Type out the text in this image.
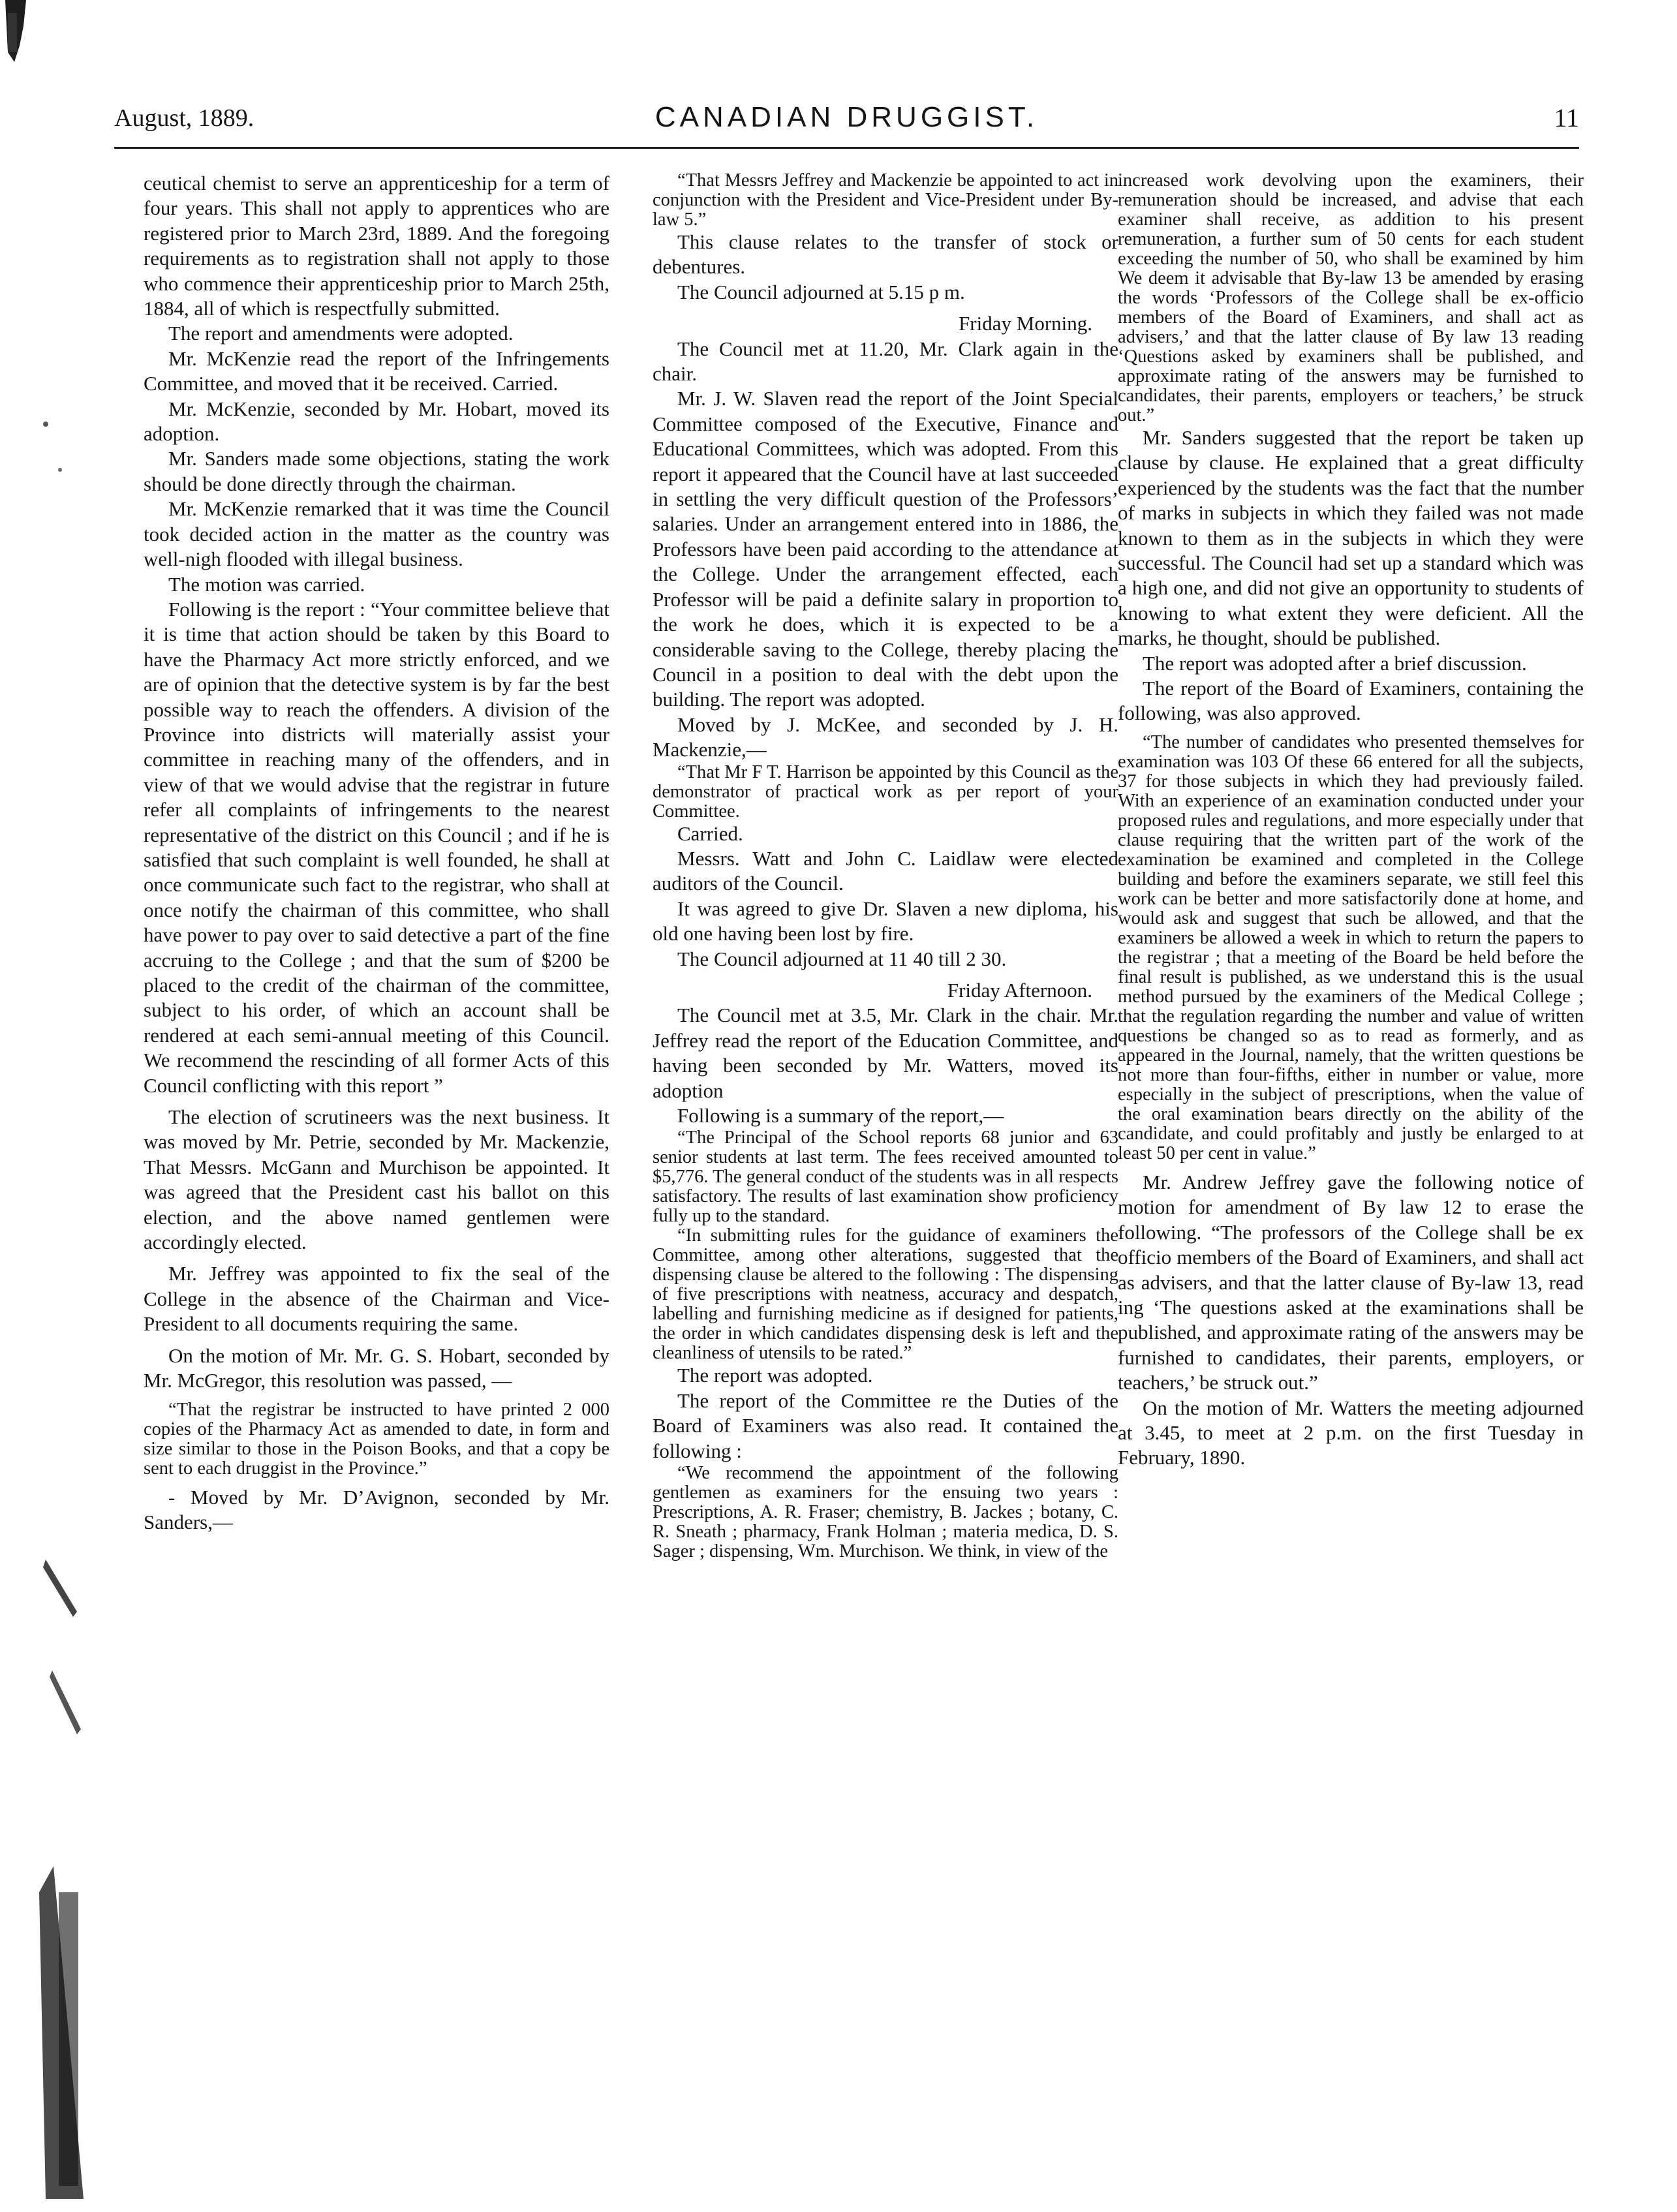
August, 1889.	CANADIAN DRUGGIST.	11

ceutical chemist to serve an apprenticeship for a term of four years. This shall not apply to apprentices who are registered prior to March 23rd, 1889. And the foregoing requirements as to registration shall not apply to those who commence their apprenticeship prior to March 25th, 1884, all of which is respectfully submitted.

The report and amendments were adopted.

Mr. McKenzie read the report of the Infringements Committee, and moved that it be received. Carried.

Mr. McKenzie, seconded by Mr. Hobart, moved its adoption.

Mr. Sanders made some objections, stating the work should be done directly through the chairman.

Mr. McKenzie remarked that it was time the Council took decided action in the matter as the country was well-nigh flooded with illegal business.

The motion was carried.

Following is the report : “Your committee believe that it is time that action should be taken by this Board to have the Pharmacy Act more strictly enforced, and we are of opinion that the detective system is by far the best possible way to reach the offenders. A division of the Province into districts will materially assist your committee in reaching many of the offenders, and in view of that we would advise that the registrar in future refer all complaints of infringements to the nearest representative of the district on this Council ; and if he is satisfied that such complaint is well founded, he shall at once communicate such fact to the registrar, who shall at once notify the chairman of this committee, who shall have power to pay over to said detective a part of the fine accruing to the College ; and that the sum of $200 be placed to the credit of the chairman of the committee, subject to his order, of which an account shall be rendered at each semi-annual meeting of this Council. We recommend the rescinding of all former Acts of this Council conflicting with this report ”

The election of scrutineers was the next business. It was moved by Mr. Petrie, seconded by Mr. Mackenzie, That Messrs. McGann and Murchison be appointed. It was agreed that the President cast his ballot on this election, and the above named gentlemen were accordingly elected.

Mr. Jeffrey was appointed to fix the seal of the College in the absence of the Chairman and Vice-President to all documents requiring the same.

On the motion of Mr. Mr. G. S. Hobart, seconded by Mr. McGregor, this resolution was passed, —

“That the registrar be instructed to have printed 2 000 copies of the Pharmacy Act as amended to date, in form and size similar to those in the Poison Books, and that a copy be sent to each druggist in the Province.”

- Moved by Mr. D’Avignon, seconded by Mr. Sanders,—

“That Messrs Jeffrey and Mackenzie be appointed to act in conjunction with the President and Vice-President under By-law 5.”

This clause relates to the transfer of stock or debentures.

The Council adjourned at 5.15 p m.

Friday Morning.

The Council met at 11.20, Mr. Clark again in the chair.

Mr. J. W. Slaven read the report of the Joint Special Committee composed of the Executive, Finance and Educational Committees, which was adopted. From this report it appeared that the Council have at last succeeded in settling the very difficult question of the Professors’ salaries. Under an arrangement entered into in 1886, the Professors have been paid according to the attendance at the College. Under the arrangement effected, each Professor will be paid a definite salary in proportion to the work he does, which it is expected to be a considerable saving to the College, thereby placing the Council in a position to deal with the debt upon the building. The report was adopted.

Moved by J. McKee, and seconded by J. H. Mackenzie,—

“That Mr F T. Harrison be appointed by this Council as the demonstrator of practical work as per report of your Committee.

Carried.

Messrs. Watt and John C. Laidlaw were elected auditors of the Council.

It was agreed to give Dr. Slaven a new diploma, his old one having been lost by fire.

The Council adjourned at 11 40 till 2 30.

Friday Afternoon.

The Council met at 3.5, Mr. Clark in the chair. Mr. Jeffrey read the report of the Education Committee, and having been seconded by Mr. Watters, moved its adoption

Following is a summary of the report,—

“The Principal of the School reports 68 junior and 63 senior students at last term. The fees received amounted to $5,776. The general conduct of the students was in all respects satisfactory. The results of last examination show proficiency fully up to the standard.

“In submitting rules for the guidance of examiners the Committee, among other alterations, suggested that the dispensing clause be altered to the following : The dispensing of five prescriptions with neatness, accuracy and despatch, labelling and furnishing medicine as if designed for patients, the order in which candidates dispensing desk is left and the cleanliness of utensils to be rated.”

The report was adopted.

The report of the Committee re the Duties of the Board of Examiners was also read. It contained the following :

“We recommend the appointment of the following gentlemen as examiners for the ensuing two years : Prescriptions, A. R. Fraser; chemistry, B. Jackes ; botany, C. R. Sneath ; pharmacy, Frank Holman ; materia medica, D. S. Sager ; dispensing, Wm. Murchison. We think, in view of the

increased work devolving upon the examiners, their remuneration should be increased, and advise that each examiner shall receive, as addition to his present remuneration, a further sum of 50 cents for each student exceeding the number of 50, who shall be examined by him We deem it advisable that By-law 13 be amended by erasing the words ‘Professors of the College shall be ex-officio members of the Board of Examiners, and shall act as advisers,’ and that the latter clause of By law 13 reading ‘Questions asked by examiners shall be published, and approximate rating of the answers may be furnished to candidates, their parents, employers or teachers,’ be struck out.”

Mr. Sanders suggested that the report be taken up clause by clause. He explained that a great difficulty experienced by the students was the fact that the number of marks in subjects in which they failed was not made known to them as in the subjects in which they were successful. The Council had set up a standard which was a high one, and did not give an opportunity to students of knowing to what extent they were deficient. All the marks, he thought, should be published.

The report was adopted after a brief discussion.

The report of the Board of Examiners, containing the following, was also approved.

“The number of candidates who presented themselves for examination was 103 Of these 66 entered for all the subjects, 37 for those subjects in which they had previously failed. With an experience of an examination conducted under your proposed rules and regulations, and more especially under that clause requiring that the written part of the work of the examination be examined and completed in the College building and before the examiners separate, we still feel this work can be better and more satisfactorily done at home, and would ask and suggest that such be allowed, and that the examiners be allowed a week in which to return the papers to the registrar ; that a meeting of the Board be held before the final result is published, as we understand this is the usual method pursued by the examiners of the Medical College ; that the regulation regarding the number and value of written questions be changed so as to read as formerly, and as appeared in the Journal, namely, that the written questions be not more than four-fifths, either in number or value, more especially in the subject of prescriptions, when the value of the oral examination bears directly on the ability of the candidate, and could profitably and justly be enlarged to at least 50 per cent in value.”

Mr. Andrew Jeffrey gave the following notice of motion for amendment of By law 12 to erase the following. “The professors of the College shall be ex officio members of the Board of Examiners, and shall act as advisers, and that the latter clause of By-law 13, read ing ‘The questions asked at the examinations shall be published, and approximate rating of the answers may be furnished to candidates, their parents, employers, or teachers,’ be struck out.”

On the motion of Mr. Watters the meeting adjourned at 3.45, to meet at 2 p.m. on the first Tuesday in February, 1890.
